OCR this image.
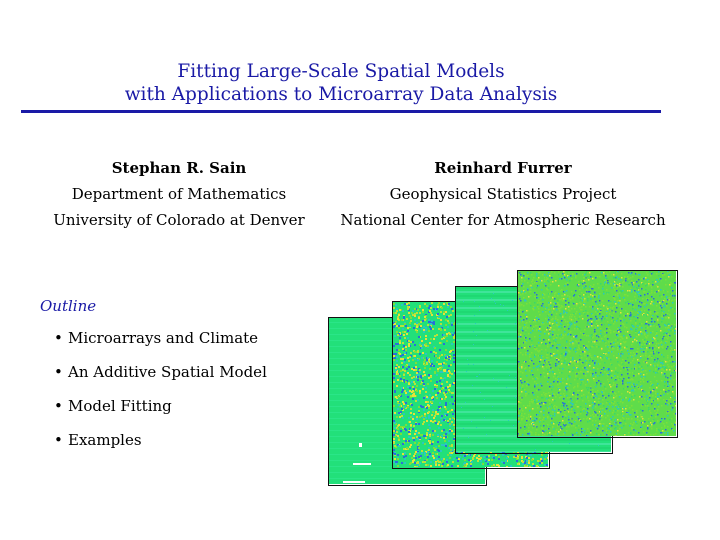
Fitting Large-Scale Spatial Models
with Applications to Microarray Data Analysis
Stephan R. Sain
Department of Mathematics
University of Colorado at Denver
Reinhard Furrer
Geophysical Statistics Project
National Center for Atmospheric Research
Outline
• Microarrays and Climate
• An Additive Spatial Model
• Model Fitting
• Examples
